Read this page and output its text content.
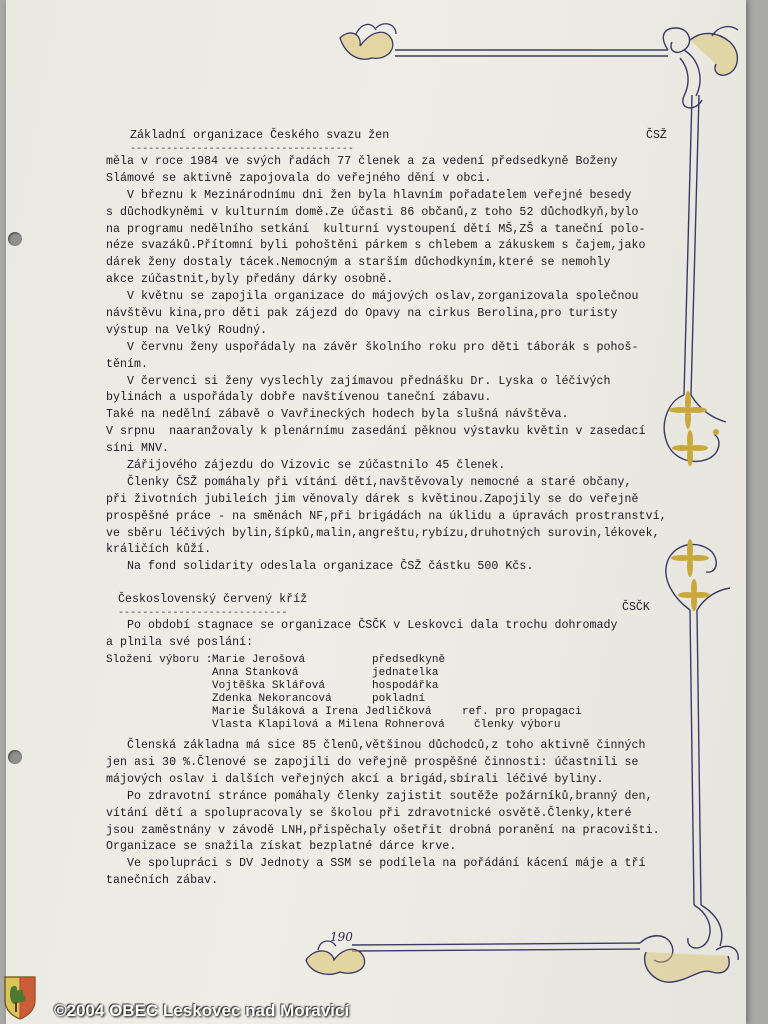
Základní organizace Českého svazu žen	ČSŽ
-------------------------------------
měla v roce 1984 ve svých řadách 77 členek a za vedení předsedkyně Boženy
Slámové se aktivně zapojovala do veřejného dění v obci.
V březnu k Mezinárodnímu dni žen byla hlavním pořadatelem veřejné besedy
s důchodkyněmi v kulturním domě.Ze účasti 86 občanů,z toho 52 důchodkyň,bylo
na programu nedělního setkání  kulturní vystoupení dětí MŠ,ZŠ a taneční polo-
néze svazáků.Přítomní byli pohoštěni párkem s chlebem a zákuskem s čajem,jako
dárek ženy dostaly tácek.Nemocným a starším důchodkyním,které se nemohly
akce zúčastnit,byly předány dárky osobně.
V květnu se zapojila organizace do májových oslav,zorganizovala společnou
návštěvu kina,pro děti pak zájezd do Opavy na cirkus Berolina,pro turisty
výstup na Velký Roudný.
V červnu ženy uspořádaly na závěr školního roku pro děti táborák s pohoš-
těním.
V červenci si ženy vyslechly zajímavou přednášku Dr. Lyska o léčivých
bylinách a uspořádaly dobře navštívenou taneční zábavu.
Také na nedělní zábavě o Vavřineckých hodech byla slušná návštěva.
V srpnu  naaranžovaly k plenárnímu zasedání pěknou výstavku květin v zasedací
síni MNV.
Zářijového zájezdu do Vizovic se zúčastnilo 45 členek.
Členky ČSŽ pomáhaly při vítání dětí,navštěvovaly nemocné a staré občany,
při životních jubileích jim věnovaly dárek s květinou.Zapojily se do veřejně
prospěšné práce - na směnách NF,při brigádách na úklidu a úpravách prostranství,
ve sběru léčivých bylin,šípků,malin,angreštu,rybízu,druhotných surovin,lékovek,
králičích kůží.
Na fond solidarity odeslala organizace ČSŽ částku 500 Kčs.
Československý červený kříž
ČSČK
----------------------------
Po období stagnace se organizace ČSČK v Leskovci dala trochu dohromady
a plnila své poslání:
Složení výboru : Marie Jerošová	předsedkyně
Anna Stanková	jednatelka
Vojtěška Sklářová	hospodářka
Zdenka Nekorancová	pokladní
Marie Šuláková a Irena Jedličková	ref. pro propagaci
Vlasta Klapilová a Milena Rohnerová	členky výboru
Členská základna má sice 85 členů,většinou důchodců,z toho aktivně činných
jen asi 30 %.Členové se zapojili do veřejně prospěšné činnosti: účastnili se
májových oslav i dalších veřejných akcí a brigád,sbírali léčivé byliny.
Po zdravotní stránce pomáhaly členky zajistit soutěže požárníků,branný den,
vítání dětí a spolupracovaly se školou při zdravotnické osvětě.Členky,které
jsou zaměstnány v závodě LNH,přispěchaly ošetřit drobná poranění na pracovišti.
Organizace se snažila získat bezplatné dárce krve.
Ve spolupráci s DV Jednoty a SSM se podílela na pořádání kácení máje a tří
tanečních zábav.
190
©2004 OBEC Leskovec nad Moravicí
